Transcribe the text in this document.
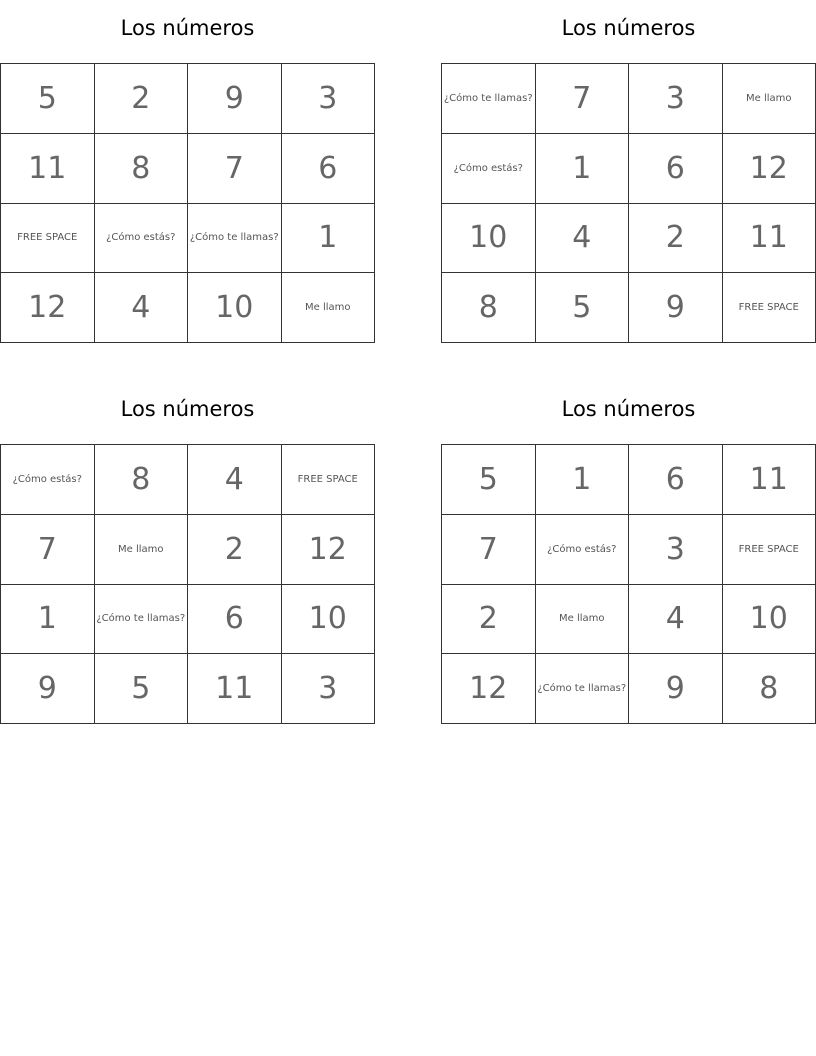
Los números
5	2	9	3
11	8	7	6
FREE SPACE	¿Cómo estás?	¿Cómo te llamas?	1
12	4	10	Me llamo
Los números
¿Cómo te llamas?	7	3	Me llamo
¿Cómo estás?	1	6	12
10	4	2	11
8	5	9	FREE SPACE
Los números
¿Cómo estás?	8	4	FREE SPACE
7	Me llamo	2	12
1	¿Cómo te llamas?	6	10
9	5	11	3
Los números
5	1	6	11
7	¿Cómo estás?	3	FREE SPACE
2	Me llamo	4	10
12	¿Cómo te llamas?	9	8
